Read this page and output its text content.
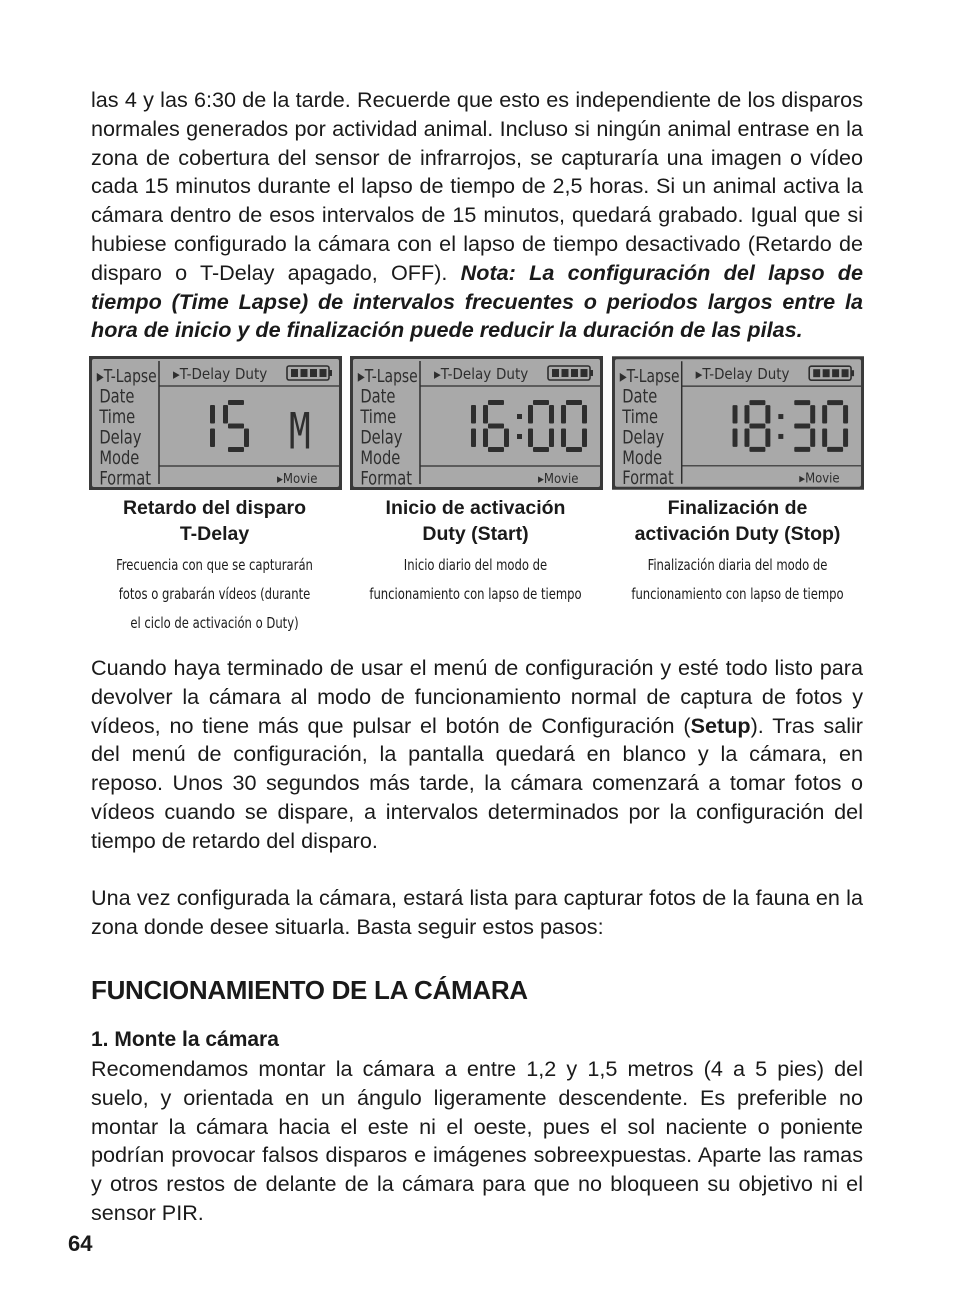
las 4 y las 6:30 de la tarde. Recuerde que esto es independiente de los disparos normales generados por actividad animal. Incluso si ningún animal entrase en la zona de cobertura del sensor de infrarrojos, se capturaría una imagen o vídeo cada 15 minutos durante el lapso de tiempo de 2,5 horas. Si un animal activa la cámara dentro de esos intervalos de 15 minutos, quedará grabado. Igual que si hubiese configurado la cámara con el lapso de tiempo desactivado (Retardo de disparo o T-Delay apagado, OFF). Nota: La configuración del lapso de tiempo (Time Lapse) de intervalos frecuentes o periodos largos entre la hora de inicio y de finalización puede reducir la duración de las pilas.

▸T-Lapse
Date
Time
Delay
Mode
Format
▸T-Delay Duty
▸Movie
M
▸T-Lapse
Date
Time
Delay
Mode
Format
▸T-Delay Duty
▸Movie
▸T-Lapse
Date
Time
Delay
Mode
Format
▸T-Delay Duty
▸Movie
Retardo del disparo
T-Delay
Frecuencia con que se capturarán
fotos o grabarán vídeos (durante
el ciclo de activación o Duty)
Inicio de activación
Duty (Start)
Inicio diario del modo de
funcionamiento con lapso de tiempo
Finalización de
activación Duty (Stop)
Finalización diaria del modo de
funcionamiento con lapso de tiempo

Cuando haya terminado de usar el menú de configuración y esté todo listo para devolver la cámara al modo de funcionamiento normal de captura de fotos y vídeos, no tiene más que pulsar el botón de Configuración (Setup). Tras salir del menú de configuración, la pantalla quedará en blanco y la cámara, en reposo. Unos 30 segundos más tarde, la cámara comenzará a tomar fotos o vídeos cuando se dispare, a intervalos determinados por la configuración del tiempo de retardo del disparo.

Una vez configurada la cámara, estará lista para capturar fotos de la fauna en la zona donde desee situarla. Basta seguir estos pasos:

FUNCIONAMIENTO DE LA CÁMARA
1. Monte la cámara

Recomendamos montar la cámara a entre 1,2 y 1,5 metros (4 a 5 pies) del suelo, y orientada en un ángulo ligeramente descendente. Es preferible no montar la cámara hacia el este ni el oeste, pues el sol naciente o poniente podrían provocar falsos disparos e imágenes sobreexpuestas. Aparte las ramas y otros restos de delante de la cámara para que no bloqueen su objetivo ni el sensor PIR.

64
